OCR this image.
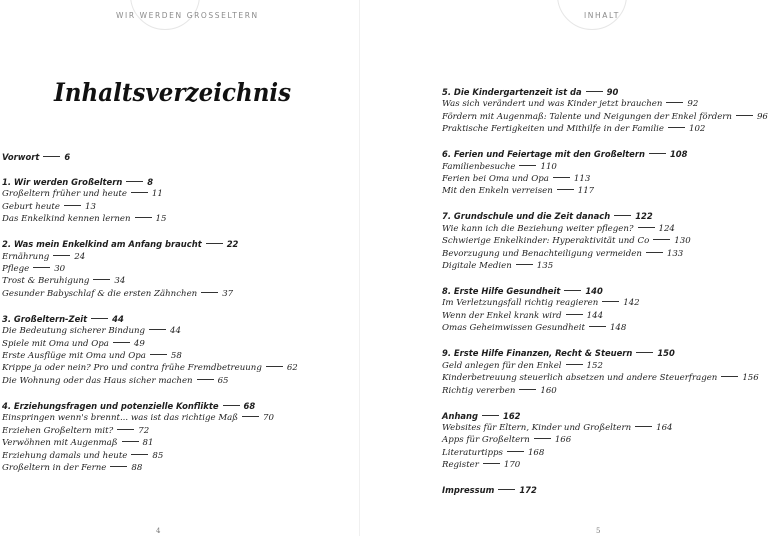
WIR WERDEN GROSSELTERN	INHALT
Inhaltsverzeichnis
Vorwort	6
1. Wir werden Großeltern	8
Großeltern früher und heute	11
Geburt heute	13
Das Enkelkind kennen lernen	15
2. Was mein Enkelkind am Anfang braucht	22
Ernährung	24
Pflege	30
Trost & Beruhigung	34
Gesunder Babyschlaf & die ersten Zähnchen	37
3. Großeltern-Zeit	44
Die Bedeutung sicherer Bindung	44
Spiele mit Oma und Opa	49
Erste Ausflüge mit Oma und Opa	58
Krippe ja oder nein? Pro und contra frühe Fremdbetreuung	62
Die Wohnung oder das Haus sicher machen	65
4. Erziehungsfragen und potenzielle Konflikte	68
Einspringen wenn's brennt... was ist das richtige Maß	70
Erziehen Großeltern mit?	72
Verwöhnen mit Augenmaß	81
Erziehung damals und heute	85
Großeltern in der Ferne	88
5. Die Kindergartenzeit ist da	90
Was sich verändert und was Kinder jetzt brauchen	92
Fördern mit Augenmaß: Talente und Neigungen der Enkel fördern	96
Praktische Fertigkeiten und Mithilfe in der Familie	102
6. Ferien und Feiertage mit den Großeltern	108
Familienbesuche	110
Ferien bei Oma und Opa	113
Mit den Enkeln verreisen	117
7. Grundschule und die Zeit danach	122
Wie kann ich die Beziehung weiter pflegen?	124
Schwierige Enkelkinder: Hyperaktivität und Co	130
Bevorzugung und Benachteiligung vermeiden	133
Digitale Medien	135
8. Erste Hilfe Gesundheit	140
Im Verletzungsfall richtig reagieren	142
Wenn der Enkel krank wird	144
Omas Geheimwissen Gesundheit	148
9. Erste Hilfe Finanzen, Recht & Steuern	150
Geld anlegen für den Enkel	152
Kinderbetreuung steuerlich absetzen und andere Steuerfragen	156
Richtig vererben	160
Anhang	162
Websites für Eltern, Kinder und Großeltern	164
Apps für Großeltern	166
Literaturtipps	168
Register	170
Impressum	172
4	5
